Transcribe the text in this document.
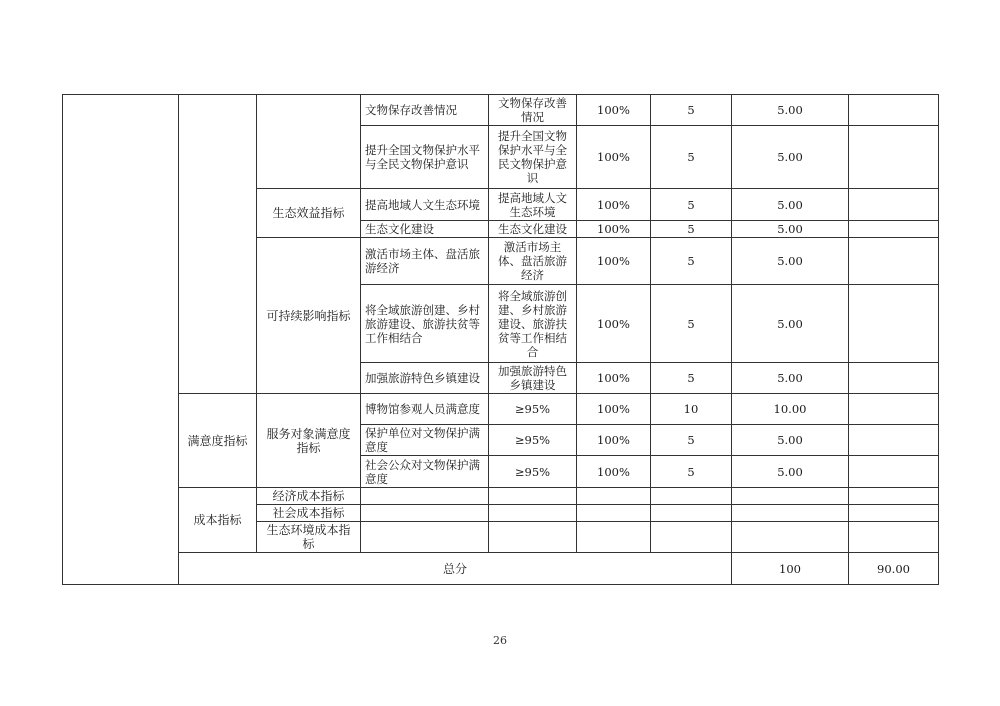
			文物保存改善情况	文物保存改善情况	100%	5	5.00		
			提升全国文物保护水平与全民文物保护意识	提升全国文物保护水平与全民文物保护意识	100%	5	5.00		
		生态效益指标	提高地域人文生态环境	提高地域人文生态环境	100%	5	5.00		
			生态文化建设	生态文化建设	100%	5	5.00		
		可持续影响指标	激活市场主体、盘活旅游经济	激活市场主体、盘活旅游经济	100%	5	5.00		
			将全域旅游创建、乡村旅游建设、旅游扶贫等工作相结合	将全域旅游创建、乡村旅游建设、旅游扶贫等工作相结合	100%	5	5.00		
			加强旅游特色乡镇建设	加强旅游特色乡镇建设	100%	5	5.00		
	满意度指标	服务对象满意度指标	博物馆参观人员满意度	≥95%	100%	10	10.00		
			保护单位对文物保护满意度	≥95%	100%	5	5.00		
			社会公众对文物保护满意度	≥95%	100%	5	5.00		
	成本指标	经济成本指标							
		社会成本指标							
		生态环境成本指标							
	总分						100	90.00	
26
